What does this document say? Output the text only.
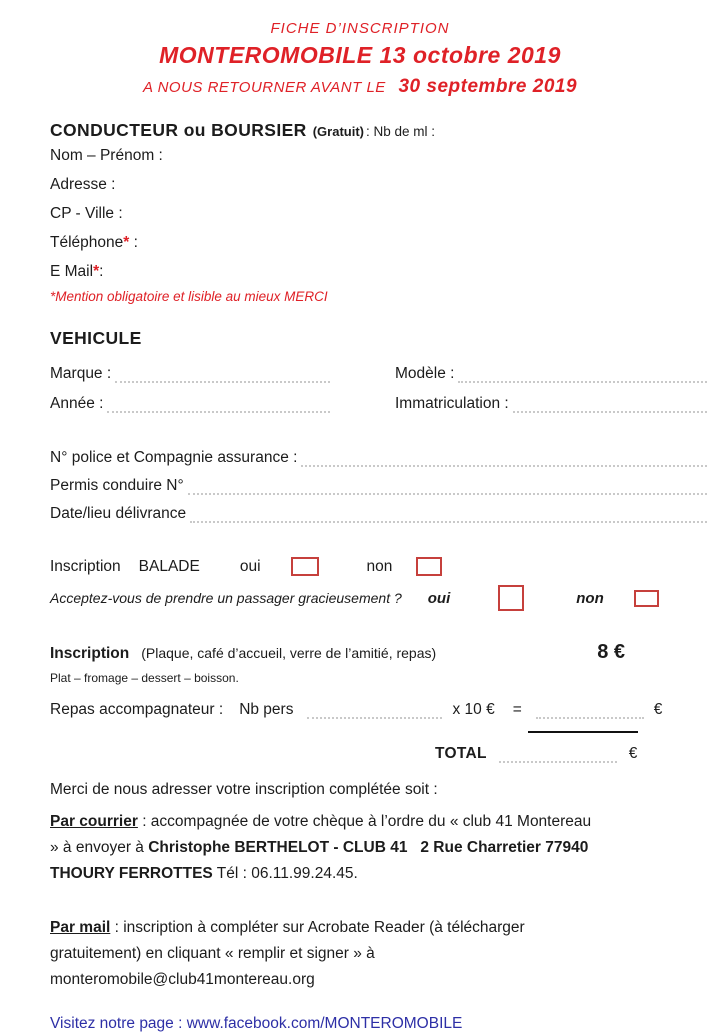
FICHE D’INSCRIPTION
MONTEROMOBILE 13 octobre 2019
A NOUS RETOURNER AVANT LE 30 septembre 2019
CONDUCTEUR ou BOURSIER (Gratuit) : Nb de ml :
Nom – Prénom :
Adresse :
CP - Ville :
Téléphone * :
E Mail * :
*Mention obligatoire et lisible au mieux MERCI
VEHICULE
Marque :	Modèle :
Année :	Immatriculation :
N° police et Compagnie assurance :
Permis conduire N°
Date/lieu délivrance
Inscription BALADE	oui	non
Acceptez-vous de prendre un passager gracieusement ? oui	non
Inscription (Plaque, café d’accueil, verre de l’amitié, repas)	8 €
Plat – fromage – dessert – boisson.
Repas accompagnateur : Nb pers	x 10 € =	€
TOTAL	€
Merci de nous adresser votre inscription complétée soit :

Par courrier : accompagnée de votre chèque à l’ordre du « club 41 Montereau » à envoyer à Christophe BERTHELOT - CLUB 41   2 Rue Charretier 77940 THOURY FERROTTES Tél : 06.11.99.24.45.

Par mail : inscription à compléter sur Acrobate Reader (à télécharger gratuitement) en cliquant « remplir et signer » à monteromobile@club41montereau.org

Visitez notre page : www.facebook.com/MONTEROMOBILE
